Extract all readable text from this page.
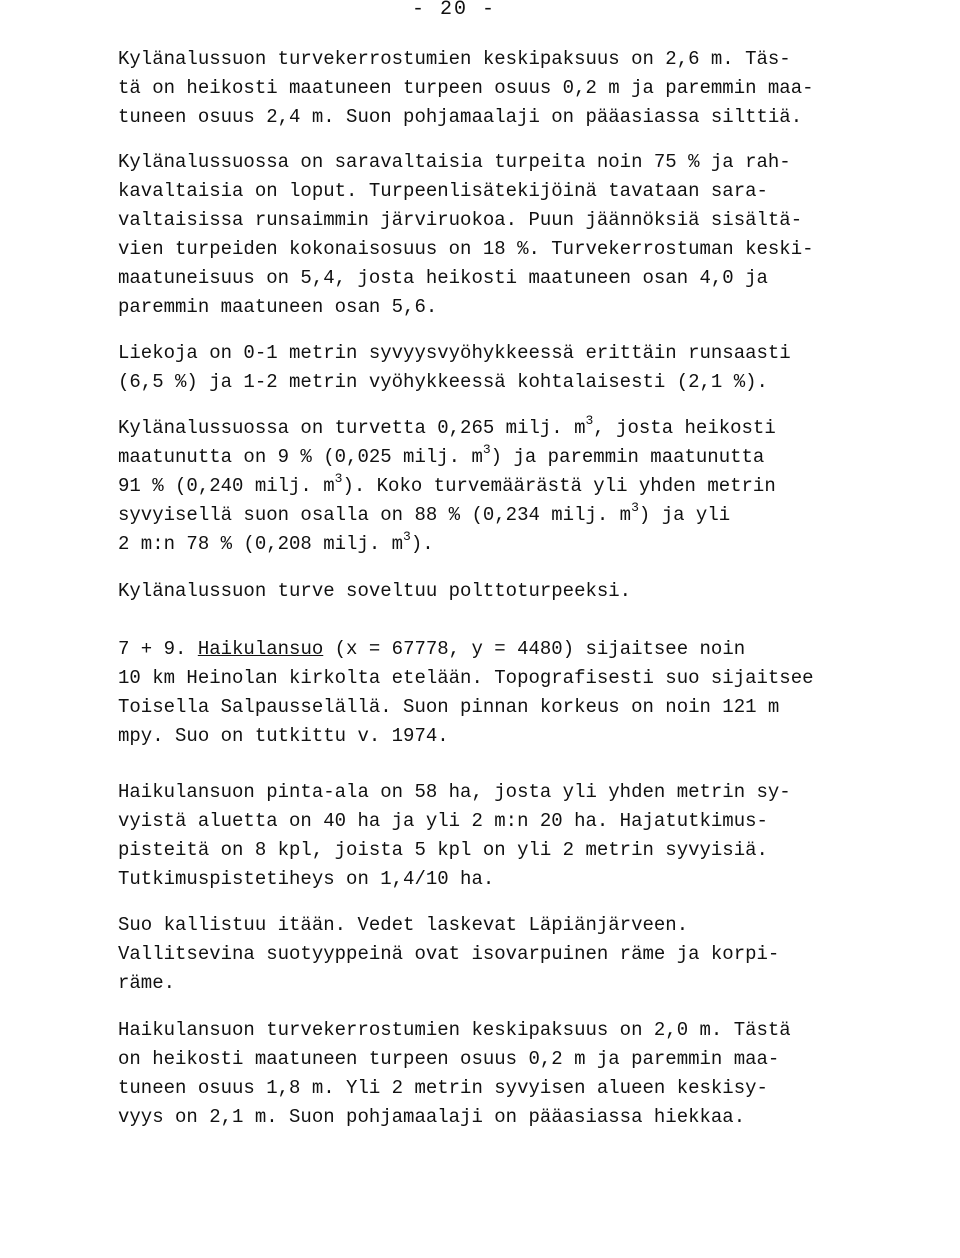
- 20 -
Kylänalussuon turvekerrostumien keskipaksuus on 2,6 m. Täs-
tä on heikosti maatuneen turpeen osuus 0,2 m ja paremmin maa-
tuneen osuus 2,4 m. Suon pohjamaalaji on pääasiassa silttiä.
Kylänalussuossa on saravaltaisia turpeita noin 75 % ja rah-
kavaltaisia on loput. Turpeenlisätekijöinä tavataan sara-
valtaisissa runsaimmin järviruokoa. Puun jäännöksiä sisältä-
vien turpeiden kokonaisosuus on 18 %. Turvekerrostuman keski-
maatuneisuus on 5,4, josta heikosti maatuneen osan 4,0 ja
paremmin maatuneen osan 5,6.
Liekoja on 0-1 metrin syvyysvyöhykkeessä erittäin runsaasti
(6,5 %) ja 1-2 metrin vyöhykkeessä kohtalaisesti (2,1 %).
Kylänalussuossa on turvetta 0,265 milj. $m^3$, josta heikosti
maatunutta on 9 % (0,025 milj. $m^3$) ja paremmin maatunutta
91 % (0,240 milj. $m^3$). Koko turvemäärästä yli yhden metrin
syvyisellä suon osalla on 88 % (0,234 milj. $m^3$) ja yli
2 m:n 78 % (0,208 milj. $m^3$).
Kylänalussuon turve soveltuu polttoturpeeksi.
7 + 9. Haikulansuo (x = 67778, y = 4480) sijaitsee noin
10 km Heinolan kirkolta etelään. Topografisesti suo sijaitsee
Toisella Salpausselällä. Suon pinnan korkeus on noin 121 m
mpy. Suo on tutkittu v. 1974.
Haikulansuon pinta-ala on 58 ha, josta yli yhden metrin sy-
vyistä aluetta on 40 ha ja yli 2 m:n 20 ha. Hajatutkimus-
pisteitä on 8 kpl, joista 5 kpl on yli 2 metrin syvyisiä.
Tutkimuspistetiheys on 1,4/10 ha.
Suo kallistuu itään. Vedet laskevat Läpiänjärveen.
Vallitsevina suotyyppeinä ovat isovarpuinen räme ja korpi-
räme.
Haikulansuon turvekerrostumien keskipaksuus on 2,0 m. Tästä
on heikosti maatuneen turpeen osuus 0,2 m ja paremmin maa-
tuneen osuus 1,8 m. Yli 2 metrin syvyisen alueen keskisy-
vyys on 2,1 m. Suon pohjamaalaji on pääasiassa hiekkaa.
